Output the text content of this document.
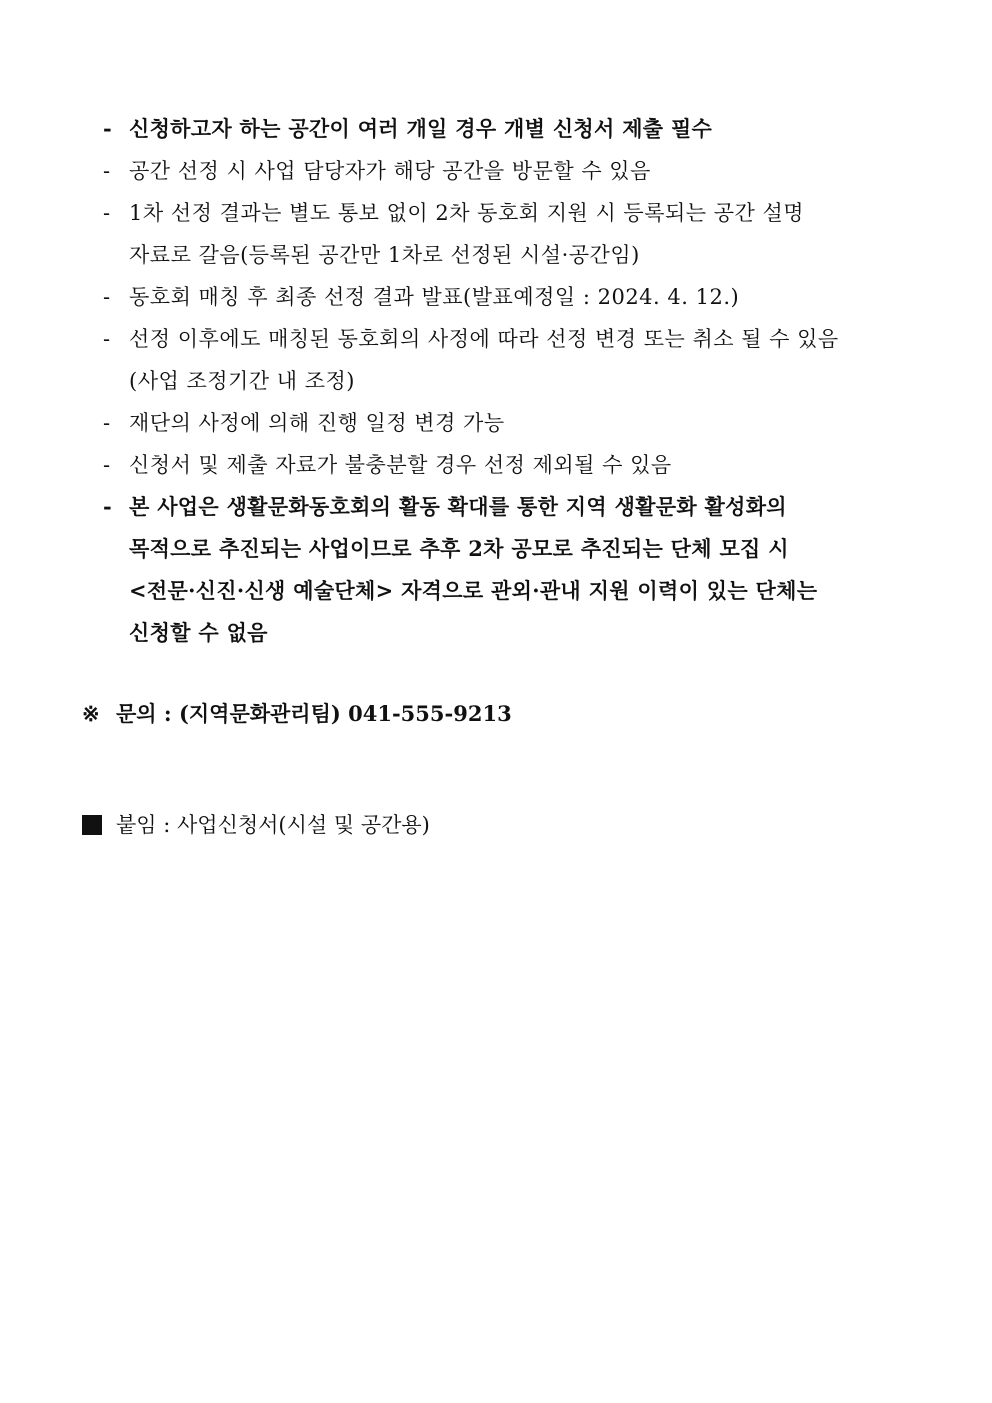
- 신청하고자 하는 공간이 여러 개일 경우 개별 신청서 제출 필수
- 공간 선정 시 사업 담당자가 해당 공간을 방문할 수 있음
- 1차 선정 결과는 별도 통보 없이 2차 동호회 지원 시 등록되는 공간 설명
자료로 갈음(등록된 공간만 1차로 선정된 시설·공간임)
- 동호회 매칭 후 최종 선정 결과 발표(발표예정일 : 2024. 4. 12.)
- 선정 이후에도 매칭된 동호회의 사정에 따라 선정 변경 또는 취소 될 수 있음
(사업 조정기간 내 조정)
- 재단의 사정에 의해 진행 일정 변경 가능
- 신청서 및 제출 자료가 불충분할 경우 선정 제외될 수 있음
- 본 사업은 생활문화동호회의 활동 확대를 통한 지역 생활문화 활성화의
목적으로 추진되는 사업이므로 추후 2차 공모로 추진되는 단체 모집 시
<전문·신진·신생 예술단체> 자격으로 관외·관내 지원 이력이 있는 단체는
신청할 수 없음
※ 문의 : (지역문화관리팀) 041-555-9213
붙임 : 사업신청서(시설 및 공간용)
